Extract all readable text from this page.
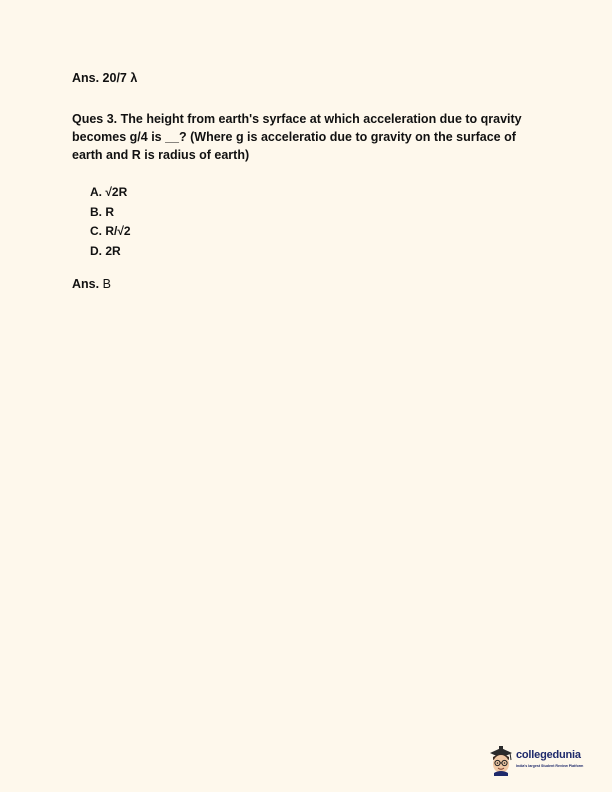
Ans. 20/7 λ
Ques 3. The height from earth's syrface at which acceleration due to qravity becomes g/4 is __? (Where g is acceleratio due to gravity on the surface of earth and R is radius of earth)
A. √2R
B. R
C. R/√2
D. 2R
Ans. B
collegedunia
India's largest Student Review Platform
